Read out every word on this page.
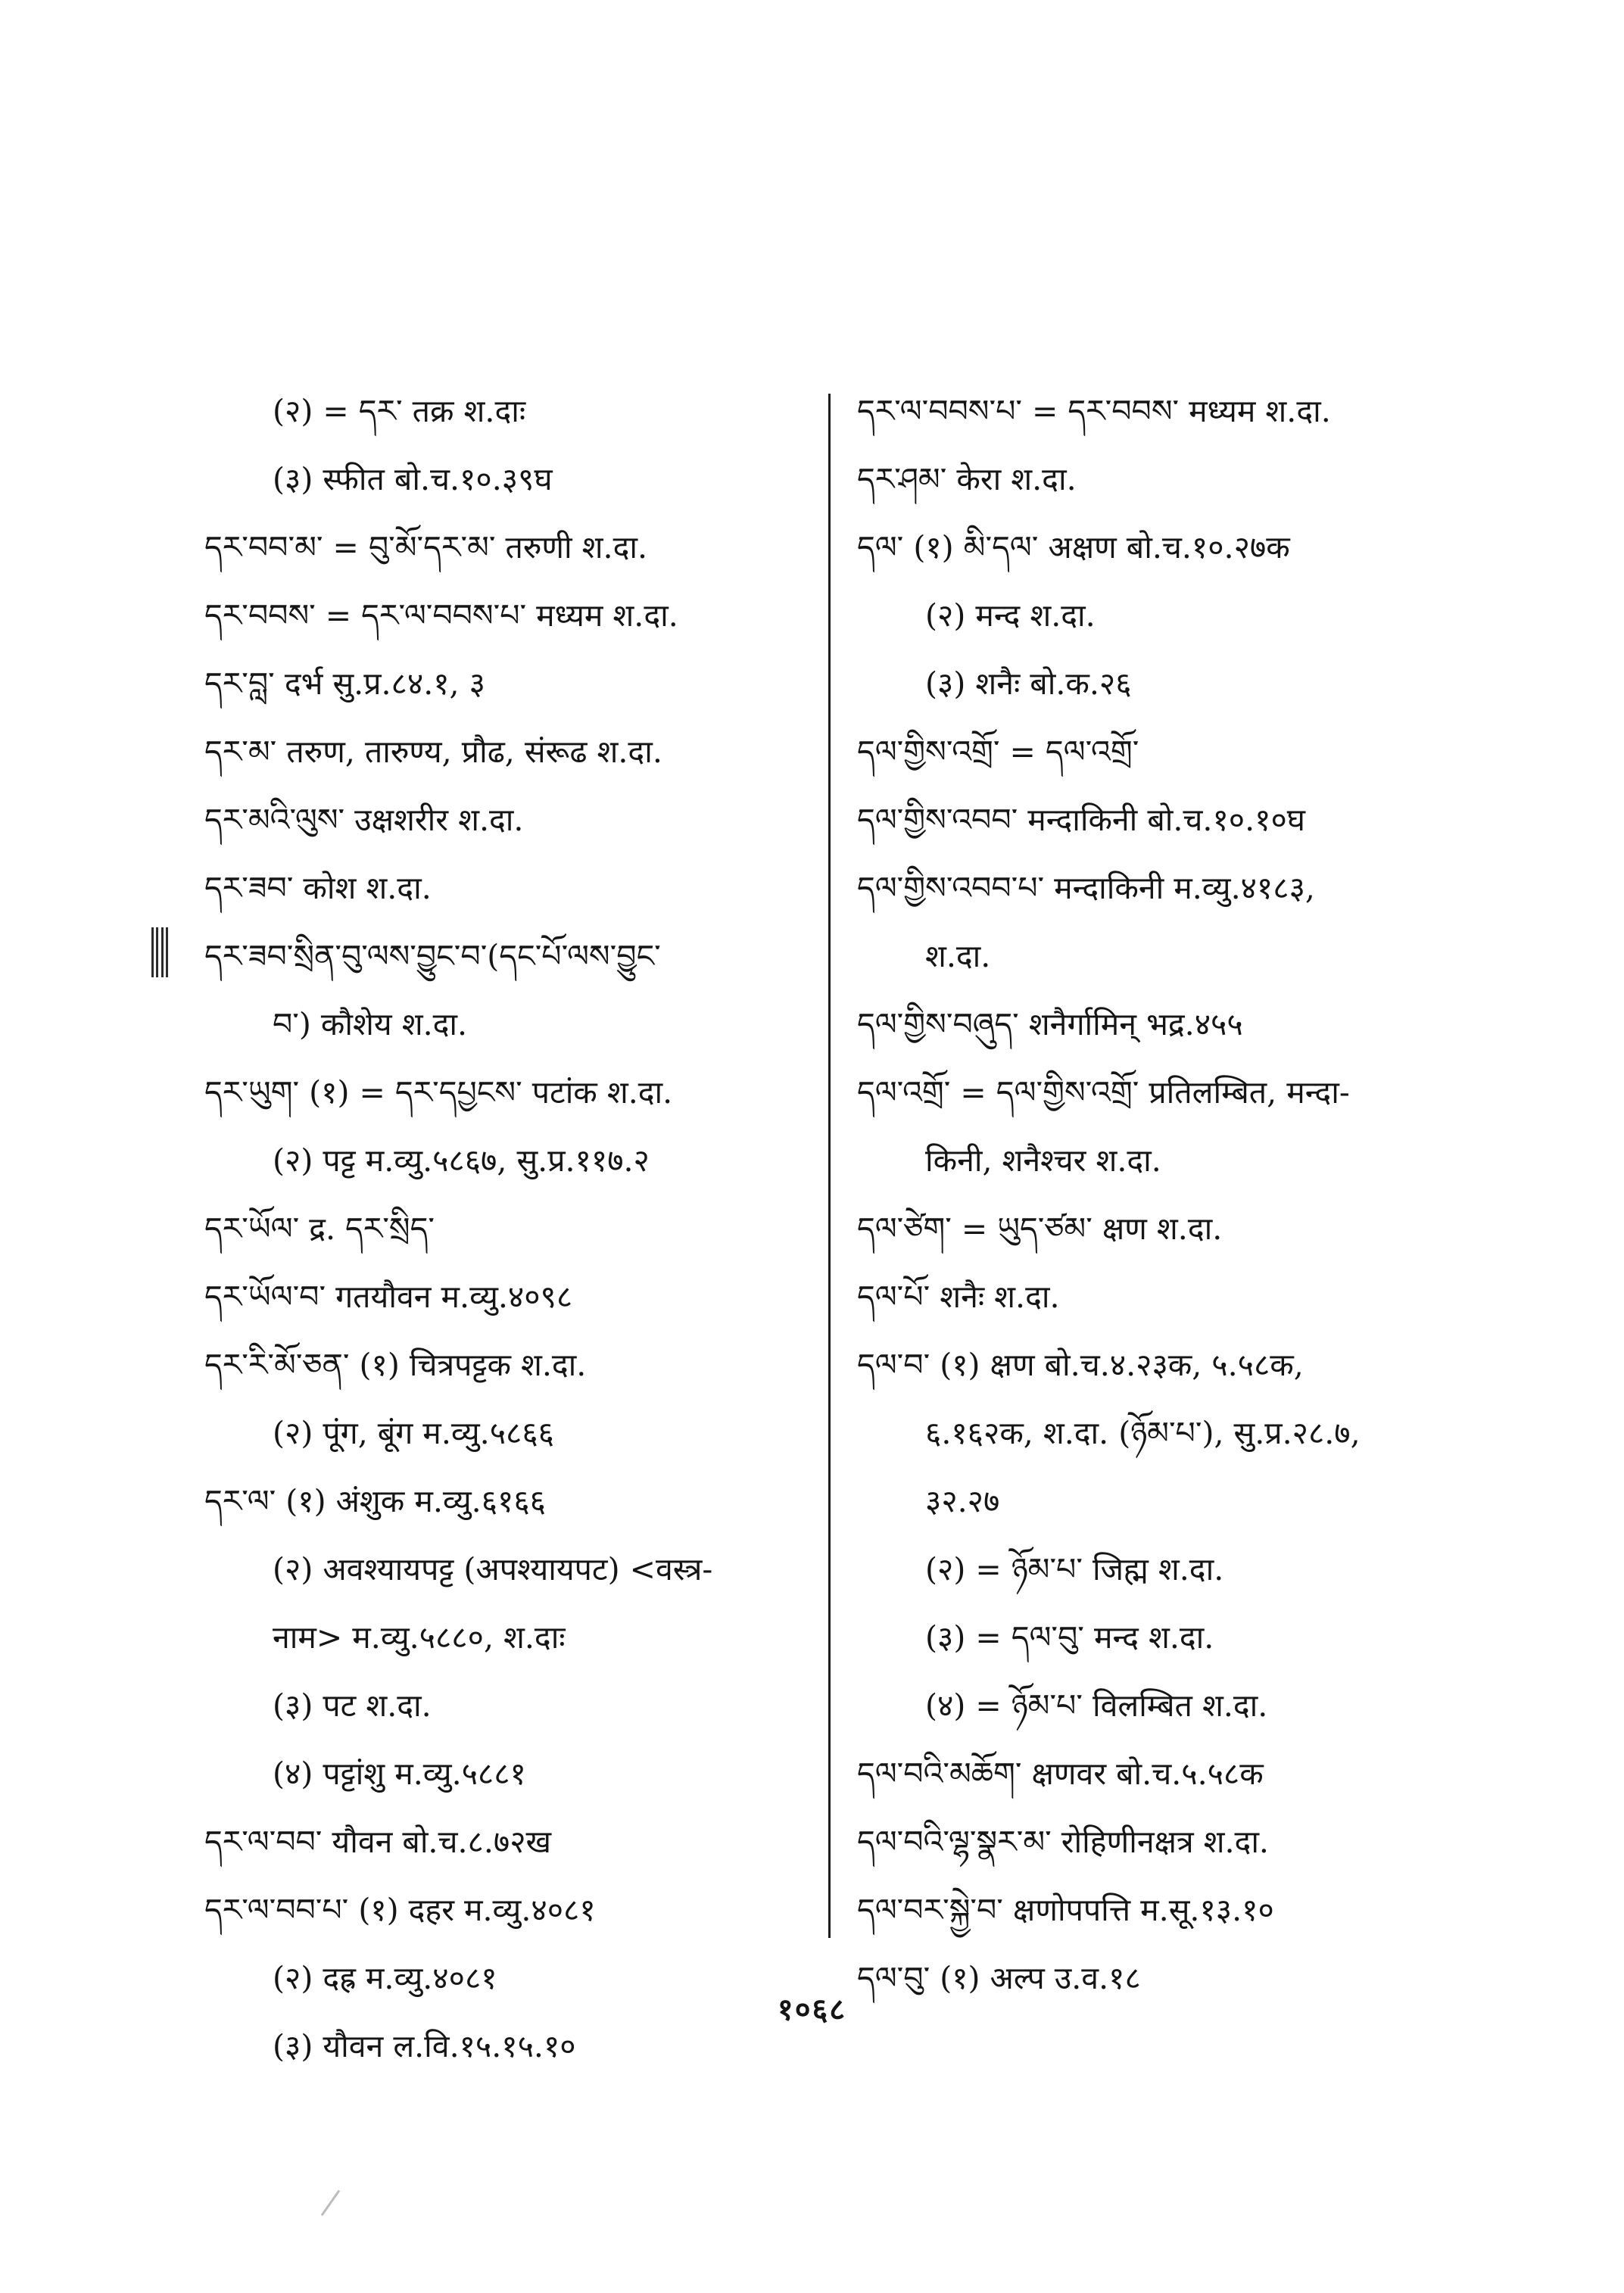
(२) = དར་ तक्र श.दाः
(३) स्फीत बो.च.१०.३९घ
དར་བབ་མ་ = བུ་མོ་དར་མ་ तरुणी श.दा.
དར་བབས་ = དར་ལ་བབས་པ་ मध्यम श.दा.
དར་བླ་ दर्भ सु.प्र.८४.१, ३
དར་མ་ तरुण, तारुण्य, प्रौढ, संरूढ श.दा.
དར་མའི་ལུས་ उक्षशरीर श.दा.
དར་ཟབ་ कोश श.दा.
དར་ཟབ་སྲིན་བུ་ལས་བྱུང་བ་(དང་པོ་ལས་བྱུང་
བ་) कौशेय श.दा.
དར་ཡུག་ (१) = དར་དཔྱངས་ पटांक श.दा.
(२) पट्ट म.व्यु.५८६७, सु.प्र.११७.२
དར་ཡོལ་ द्र. དར་སྲིད་
དར་ཡོལ་བ་ गतयौवन म.व्यु.४०९८
དར་རི་མོ་ཅན་ (१) चित्रपट्टक श.दा.
(२) पूंग, बूंग म.व्यु.५८६६
དར་ལ་ (१) अंशुक म.व्यु.६१६६
(२) अवश्यायपट्ट (अपश्यायपट) <वस्त्र-
नाम> म.व्यु.५८८०, श.दाः
(३) पट श.दा.
(४) पट्टांशु म.व्यु.५८८१
དར་ལ་བབ་ यौवन बो.च.८.७२ख
དར་ལ་བབ་པ་ (१) दहर म.व्यु.४०८१
(२) दह्र म.व्यु.४०८१
(३) यौवन ल.वि.१५.१५.१०
དར་ལ་བབས་པ་ = དར་བབས་ मध्यम श.दा.
དར་ཤམ་ केरा श.दा.
དལ་ (१) མི་དལ་ अक्षण बो.च.१०.२७क
(२) मन्द श.दा.
(३) शनैः बो.क.२६
དལ་གྱིས་འགྲོ་ = དལ་འགྲོ་
དལ་གྱིས་འབབ་ मन्दाकिनी बो.च.१०.१०घ
དལ་གྱིས་འབབ་པ་ मन्दाकिनी म.व्यु.४१८३,
श.दा.
དལ་གྱིས་བཞུད་ शनैर्गामिन् भद्र.४५५
དལ་འགྲོ་ = དལ་གྱིས་འགྲོ་ प्रतिलम्बित, मन्दा-
किनी, शनैश्चर श.दा.
དལ་ཙེག་ = ཡུད་ཙམ་ क्षण श.दा.
དལ་པོ་ शनैः श.दा.
དལ་བ་ (१) क्षण बो.च.४.२३क, ५.५८क,
६.१६२क, श.दा. (ཉོམ་པ་), सु.प्र.२८.७,
३२.२७
(२) = ཉོམ་པ་ जिह्म श.दा.
(३) = དལ་བུ་ मन्द श.दा.
(४) = ཉོམ་པ་ विलम्बित श.दा.
དལ་བའི་མཆོག་ क्षणवर बो.च.५.५८क
དལ་བའི་ལྷ་སྣར་མ་ रोहिणीनक्षत्र श.दा.
དལ་བར་སྐྱེ་བ་ क्षणोपपत्ति म.सू.१३.१०
དལ་བུ་ (१) अल्प उ.व.१८
१०६८
